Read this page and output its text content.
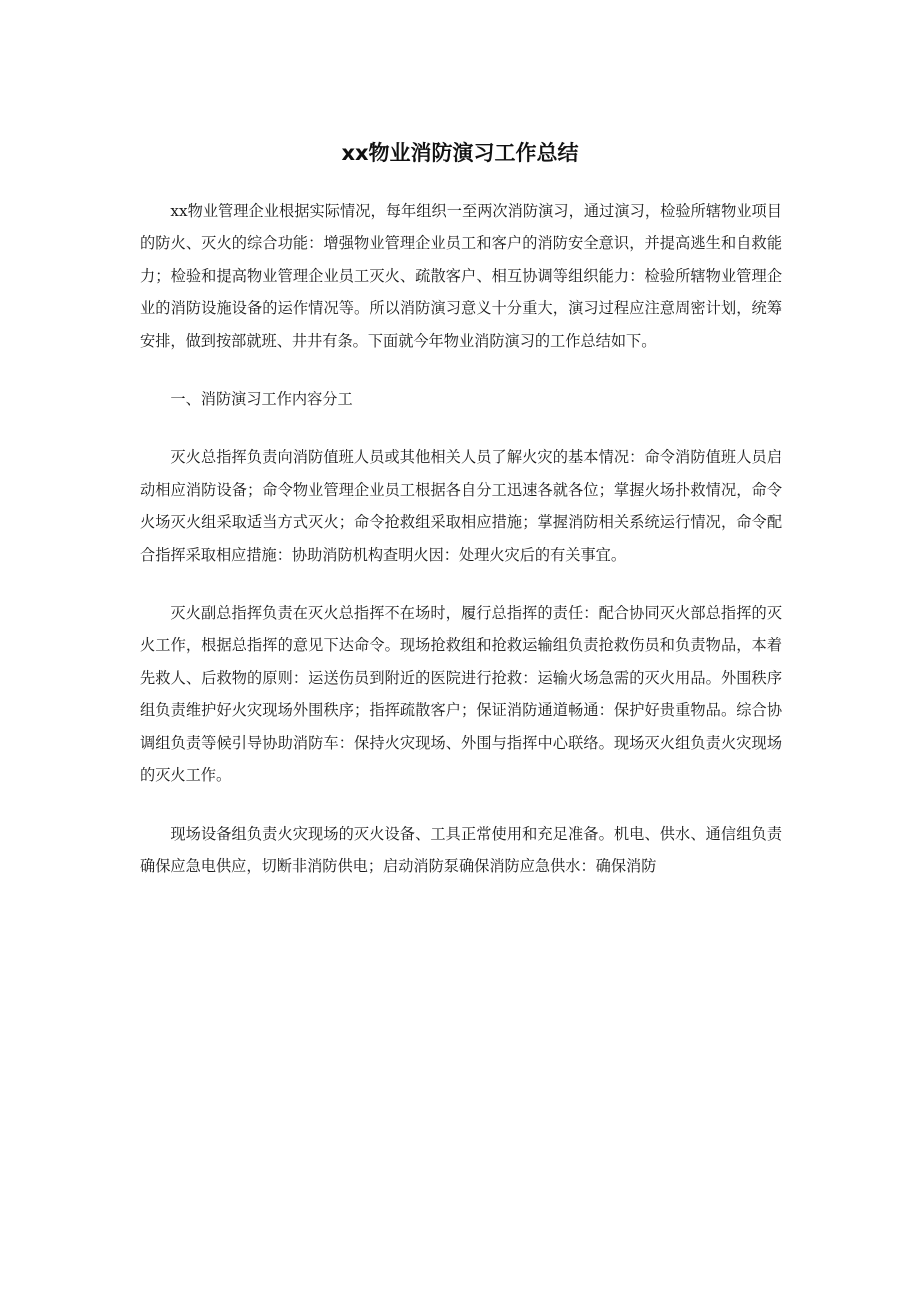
xx物业消防演习工作总结

xx物业管理企业根据实际情况，每年组织一至两次消防演习，通过演习，检验所辖物业项目的防火、灭火的综合功能：增强物业管理企业员工和客户的消防安全意识，并提高逃生和自救能力；检验和提高物业管理企业员工灭火、疏散客户、相互协调等组织能力：检验所辖物业管理企业的消防设施设备的运作情况等。所以消防演习意义十分重大，演习过程应注意周密计划，统筹安排，做到按部就班、井井有条。下面就今年物业消防演习的工作总结如下。

一、消防演习工作内容分工

灭火总指挥负责向消防值班人员或其他相关人员了解火灾的基本情况：命令消防值班人员启动相应消防设备；命令物业管理企业员工根据各自分工迅速各就各位；掌握火场扑救情况，命令火场灭火组采取适当方式灭火；命令抢救组采取相应措施；掌握消防相关系统运行情况，命令配合指挥采取相应措施：协助消防机构查明火因：处理火灾后的有关事宜。

灭火副总指挥负责在灭火总指挥不在场时，履行总指挥的责任：配合协同灭火部总指挥的灭火工作，根据总指挥的意见下达命令。现场抢救组和抢救运输组负责抢救伤员和负责物品，本着先救人、后救物的原则：运送伤员到附近的医院进行抢救：运输火场急需的灭火用品。外围秩序组负责维护好火灾现场外围秩序；指挥疏散客户；保证消防通道畅通：保护好贵重物品。综合协调组负责等候引导协助消防车：保持火灾现场、外围与指挥中心联络。现场灭火组负责火灾现场的灭火工作。

现场设备组负责火灾现场的灭火设备、工具正常使用和充足准备。机电、供水、通信组负责确保应急电供应，切断非消防供电；启动消防泵确保消防应急供水：确保消防
